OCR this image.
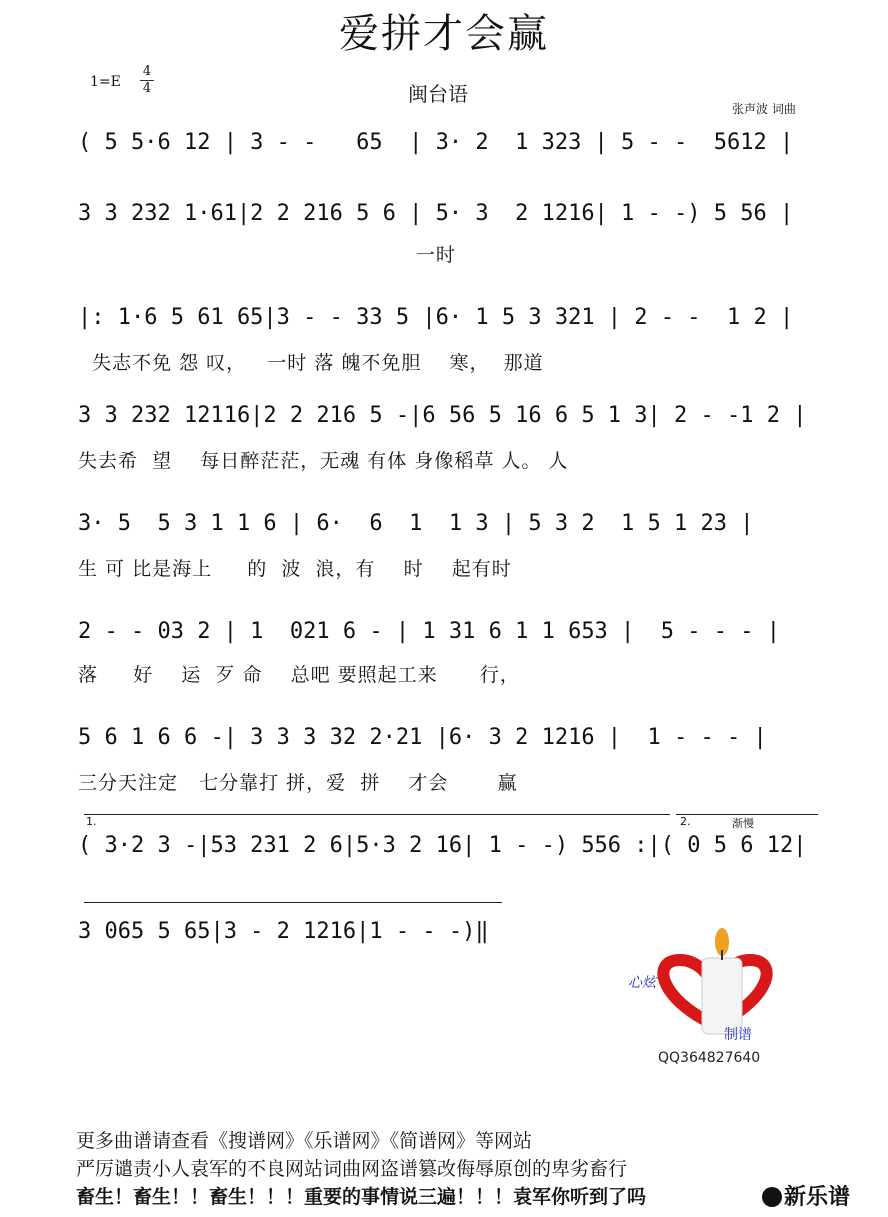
爱拼才会赢
1=E
4
4	闽台语
张声波 词曲
( 5 5·6 12 | 3 - -   65  | 3· 2  1 323 | 5 - -  5612 |
3 3 232 1·61|2 2 216 5 6 | 5· 3  2 1216| 1 - -) 5 56 |
一时
|: 1·6 5 61 65|3 - - 33 5 |6· 1 5 3 321 | 2 - -  1 2 |
失志不免 怨 叹，   一时 落 魄不免胆    寒，  那道
3 3 232 12116|2 2 216 5 -|6 56 5 16 6 5 1 3| 2 - -1 2 |
失去希  望    每日醉茫茫，无魂 有体 身像稻草 人。 人
3· 5  5 3 1 1 6 | 6·  6  1  1 3 | 5 3 2  1 5 1 23 |
生 可 比是海上     的  波  浪，有    时    起有时
2 - - 03 2 | 1  021 6 - | 1 31 6 1 1 653 |  5 - - - |
落     好    运  歹 命    总吧 要照起工来      行，
5 6 1 6 6 -| 3 3 3 32 2·21 |6· 3 2 1216 |  1 - - - |
三分天注定   七分靠打 拼，爱  拼    才会       赢
1.	2.	渐慢
( 3·2 3 -|53 231 2 6|5·3 2 16| 1 - -) 556 :|( 0 5 6 12|
3 065 5 65|3 - 2 1216|1 - - -)‖
心炫
制谱
QQ364827640
更多曲谱请查看《搜谱网》《乐谱网》《简谱网》等网站
严厉谴责小人袁军的不良网站词曲网盗谱篡改侮辱原创的卑劣畜行
畜生！畜生！！畜生！！！重要的事情说三遍！！！袁军你听到了吗	新乐谱
